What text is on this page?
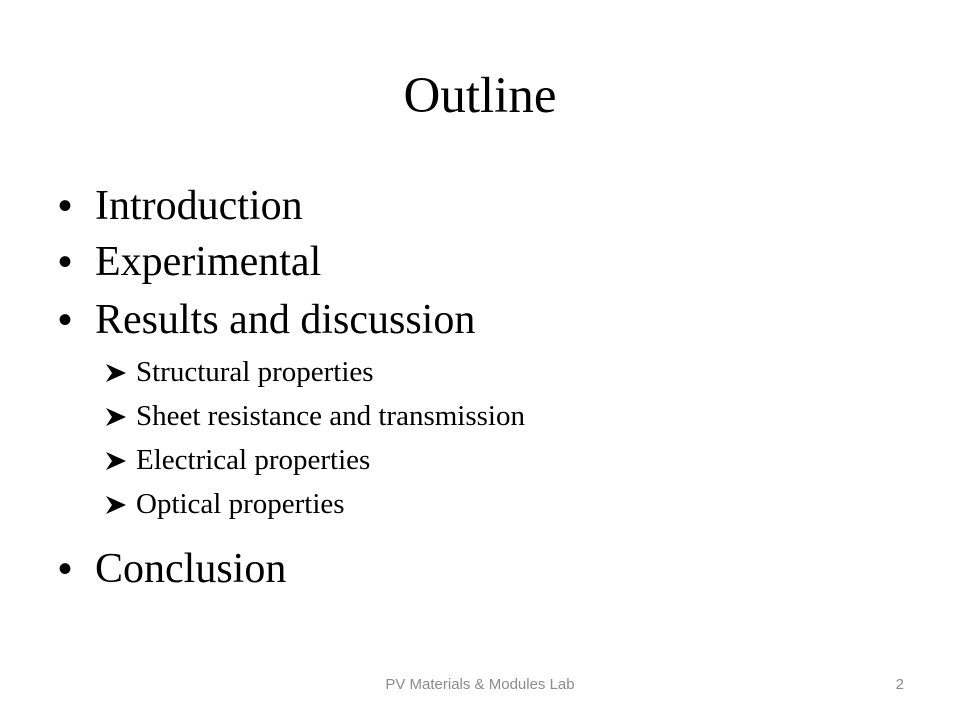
Outline
• Introduction
• Experimental
• Results and discussion
Structural properties
Sheet resistance and transmission
Electrical properties
Optical properties
• Conclusion
PV Materials & Modules Lab	2
